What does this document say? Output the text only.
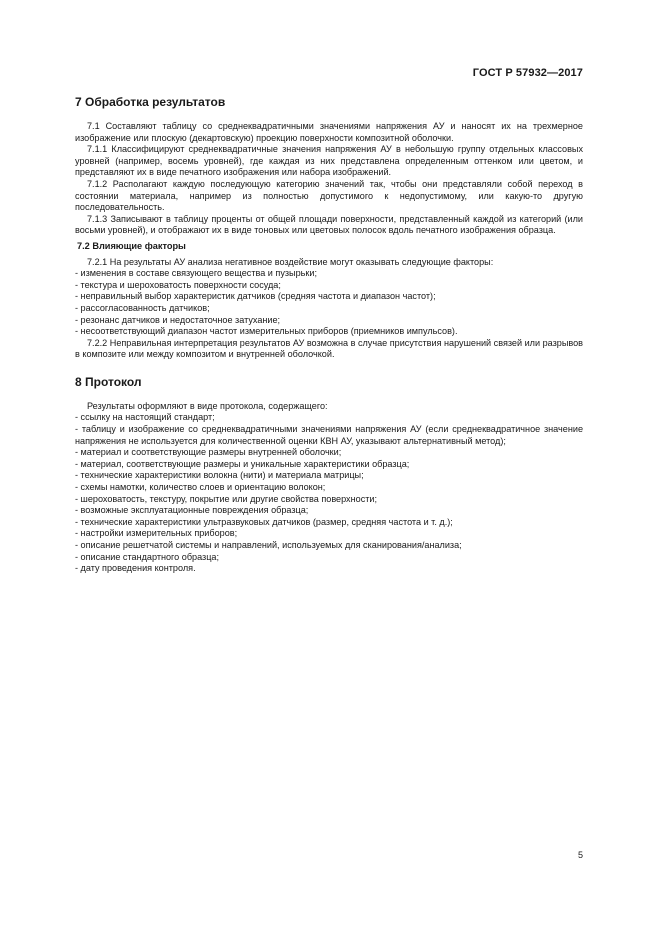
ГОСТ Р 57932—2017
7 Обработка результатов

7.1 Составляют таблицу со среднеквадратичными значениями напряжения АУ и наносят их на трехмерное изображение или плоскую (декартовскую) проекцию поверхности композитной оболочки.

7.1.1 Классифицируют среднеквадратичные значения напряжения АУ в небольшую группу отдельных классовых уровней (например, восемь уровней), где каждая из них представлена определенным оттенком или цветом, и представляют их в виде печатного изображения или набора изображений.

7.1.2 Располагают каждую последующую категорию значений так, чтобы они представляли собой переход в состоянии материала, например из полностью допустимого к недопустимому, или какую-то другую последовательность.

7.1.3 Записывают в таблицу проценты от общей площади поверхности, представленный каждой из категорий (или восьми уровней), и отображают их в виде тоновых или цветовых полосок вдоль печатного изображения образца.

7.2 Влияющие факторы

7.2.1 На результаты АУ анализа негативное воздействие могут оказывать следующие факторы:

- изменения в составе связующего вещества и пузырьки;

- текстура и шероховатость поверхности сосуда;

- неправильный выбор характеристик датчиков (средняя частота и диапазон частот);

- рассогласованность датчиков;

- резонанс датчиков и недостаточное затухание;

- несоответствующий диапазон частот измерительных приборов (приемников импульсов).

7.2.2 Неправильная интерпретация результатов АУ возможна в случае присутствия нарушений связей или разрывов в композите или между композитом и внутренней оболочкой.

8 Протокол

Результаты оформляют в виде протокола, содержащего:

- ссылку на настоящий стандарт;

- таблицу и изображение со среднеквадратичными значениями напряжения АУ (если среднеквадратичное значение напряжения не используется для количественной оценки КВН АУ, указывают альтернативный метод);

- материал и соответствующие размеры внутренней оболочки;

- материал, соответствующие размеры и уникальные характеристики образца;

- технические характеристики волокна (нити) и материала матрицы;

- схемы намотки, количество слоев и ориентацию волокон;

- шероховатость, текстуру, покрытие или другие свойства поверхности;

- возможные эксплуатационные повреждения образца;

- технические характеристики ультразвуковых датчиков (размер, средняя частота и т. д.);

- настройки измерительных приборов;

- описание решетчатой системы и направлений, используемых для сканирования/анализа;

- описание стандартного образца;

- дату проведения контроля.

5
